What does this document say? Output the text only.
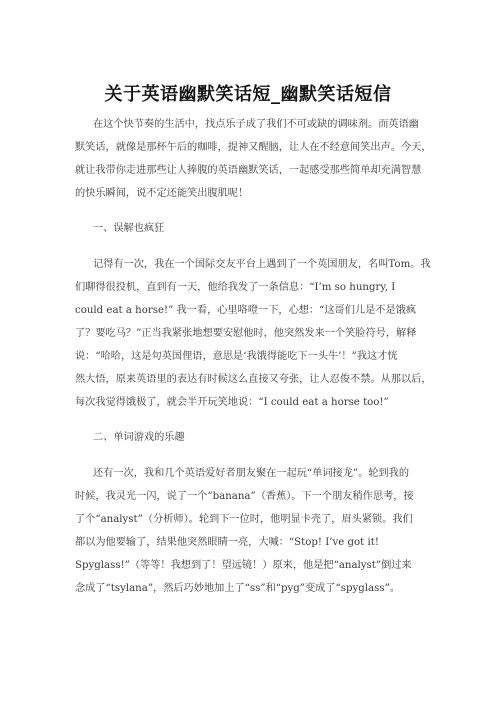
关于英语幽默笑话短_幽默笑话短信
在这个快节奏的生活中，找点乐子成了我们不可或缺的调味剂。而英语幽
默笑话，就像是那杯午后的咖啡，提神又醒脑，让人在不经意间笑出声。今天，
就让我带你走进那些让人捧腹的英语幽默笑话，一起感受那些简单却充满智慧
的快乐瞬间，说不定还能笑出腹肌呢！
一、误解也疯狂
记得有一次，我在一个国际交友平台上遇到了一个英国朋友，名叫Tom。我
们聊得很投机，直到有一天，他给我发了一条信息：“I’m so hungry, I
could eat a horse!” 我一看，心里咯噔一下，心想：“这哥们儿是不是饿疯
了？要吃马？”正当我紧张地想要安慰他时，他突然发来一个笑脸符号，解释
说：“哈哈，这是句英国俚语，意思是‘我饿得能吃下一头牛’！”我这才恍
然大悟，原来英语里的表达有时候这么直接又夸张，让人忍俊不禁。从那以后，
每次我觉得饿极了，就会半开玩笑地说：“I could eat a horse too!”
二、单词游戏的乐趣
还有一次，我和几个英语爱好者朋友聚在一起玩“单词接龙”。轮到我的
时候，我灵光一闪，说了一个“banana”（香蕉）。下一个朋友稍作思考，接
了个“analyst”（分析师）。轮到下一位时，他明显卡壳了，眉头紧锁。我们
都以为他要输了，结果他突然眼睛一亮，大喊：“Stop! I’ve got it!
Spyglass!”（等等！我想到了！望远镜！）原来，他是把“analyst”倒过来
念成了“tsylana”，然后巧妙地加上了“ss”和“pyg”变成了“spyglass”。
